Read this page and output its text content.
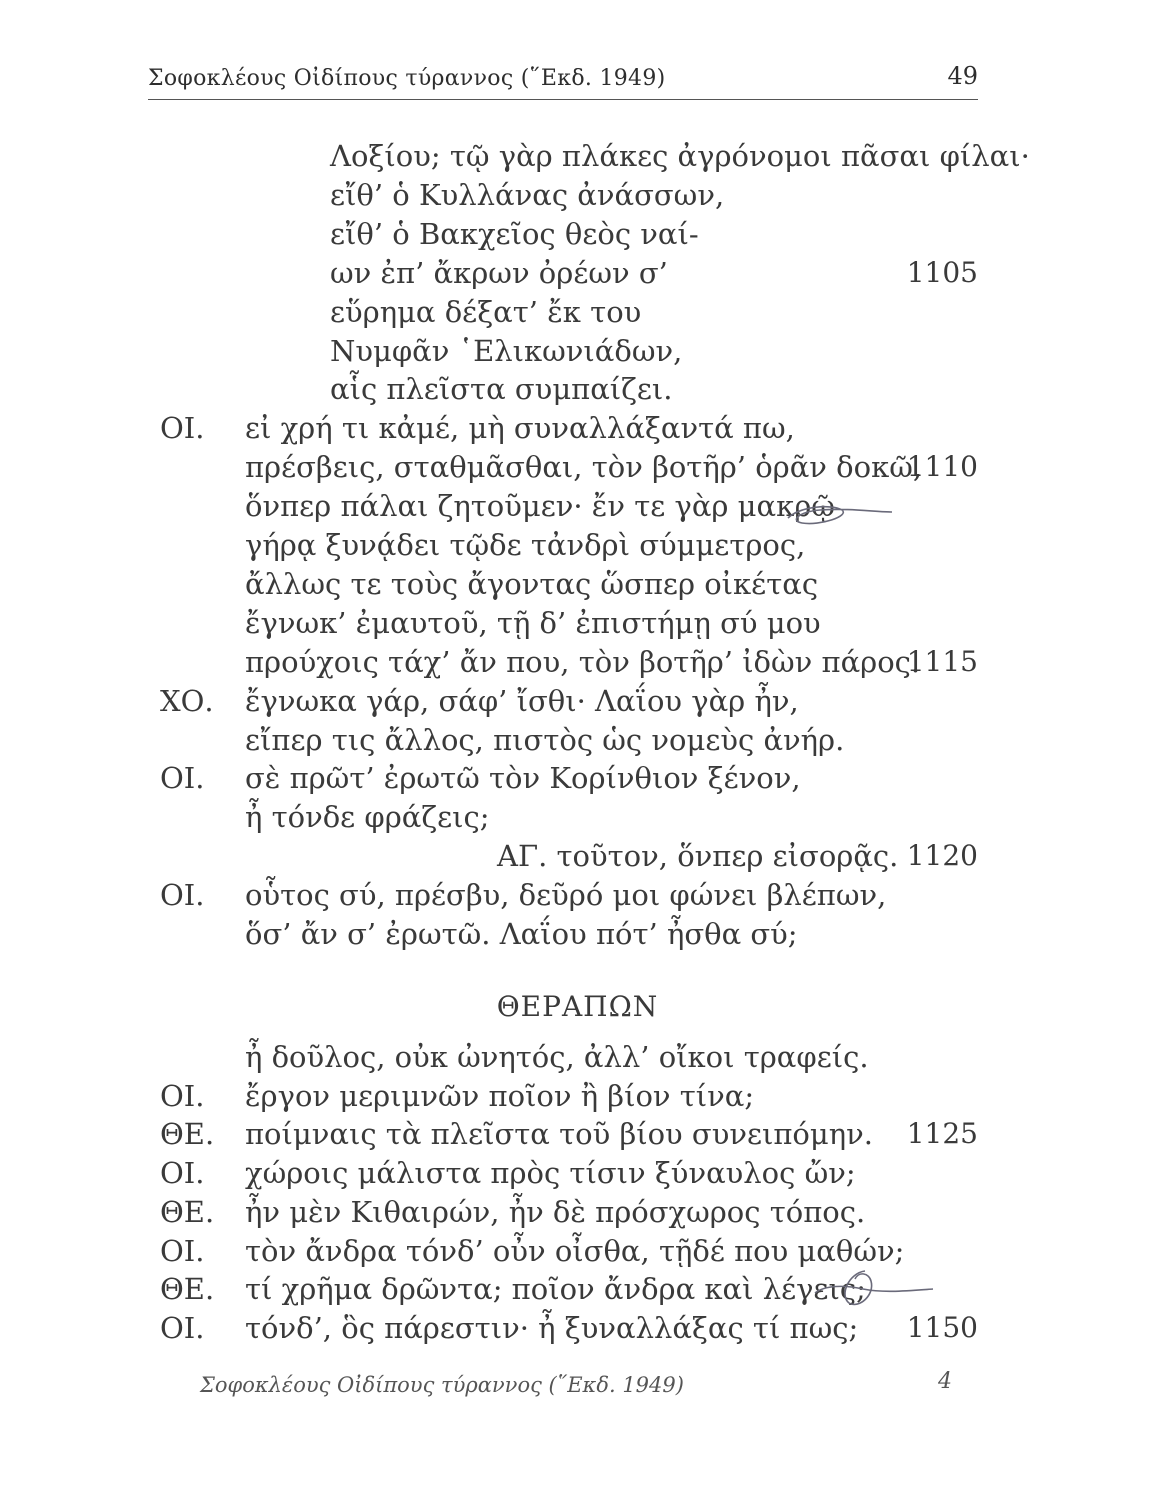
Σοφοκλέους Οἰδίπους τύραννος (῞Εκδ. 1949)	49
Λοξίου; τῷ γὰρ πλάκες ἀγρόνομοι πᾶσαι φίλαι·
εἴθ’ ὁ Κυλλάνας ἀνάσσων,
εἴθ’ ὁ Βακχεῖος θεὸς ναί-
ων ἐπ’ ἄκρων ὀρέων σ’	1105
εὕρημα δέξατ’ ἔκ του
Νυμφᾶν ῾Ελικωνιάδων,
αἷς πλεῖστα συμπαίζει.
ΟΙ. εἰ χρή τι κἀμέ, μὴ συναλλάξαντά πω,
πρέσβεις, σταθμᾶσθαι, τὸν βοτῆρ’ ὁρᾶν δοκῶ,
1110
ὅνπερ πάλαι ζητοῦμεν· ἔν τε γὰρ μακρῷ
γήρᾳ ξυνᾴδει τῷδε τἀνδρὶ σύμμετρος,
ἄλλως τε τοὺς ἄγοντας ὥσπερ οἰκέτας
ἔγνωκ’ ἐμαυτοῦ, τῇ δ’ ἐπιστήμῃ σύ μου
προύχοις τάχ’ ἄν που, τὸν βοτῆρ’ ἰδὼν πάρος.
1115
ΧΟ. ἔγνωκα γάρ, σάφ’ ἴσθι· Λαΐου γὰρ ἦν,
εἴπερ τις ἄλλος, πιστὸς ὡς νομεὺς ἀνήρ.
ΟΙ. σὲ πρῶτ’ ἐρωτῶ τὸν Κορίνθιον ξένον,
ἦ τόνδε φράζεις;
ΑΓ. τοῦτον, ὅνπερ εἰσορᾷς. 1120
ΟΙ. οὗτος σύ, πρέσβυ, δεῦρό μοι φώνει βλέπων,
ὅσ’ ἄν σ’ ἐρωτῶ. Λαΐου πότ’ ἦσθα σύ;
ΘΕΡΑΠΩΝ
ἦ δοῦλος, οὐκ ὠνητός, ἀλλ’ οἴκοι τραφείς.
ΟΙ. ἔργον μεριμνῶν ποῖον ἢ βίον τίνα;
ΘΕ. ποίμναις τὰ πλεῖστα τοῦ βίου συνειπόμην. 1125
ΟΙ. χώροις μάλιστα πρὸς τίσιν ξύναυλος ὤν;
ΘΕ. ἦν μὲν Κιθαιρών, ἦν δὲ πρόσχωρος τόπος.
ΟΙ. τὸν ἄνδρα τόνδ’ οὖν οἶσθα, τῇδέ που μαθών;
ΘΕ. τί χρῆμα δρῶντα; ποῖον ἄνδρα καὶ λέγεις;
ΟΙ. τόνδ’, ὃς πάρεστιν· ἦ ξυναλλάξας τί πως; 1150
Σοφοκλέους Οἰδίπους τύραννος (῞Εκδ. 1949)	4
